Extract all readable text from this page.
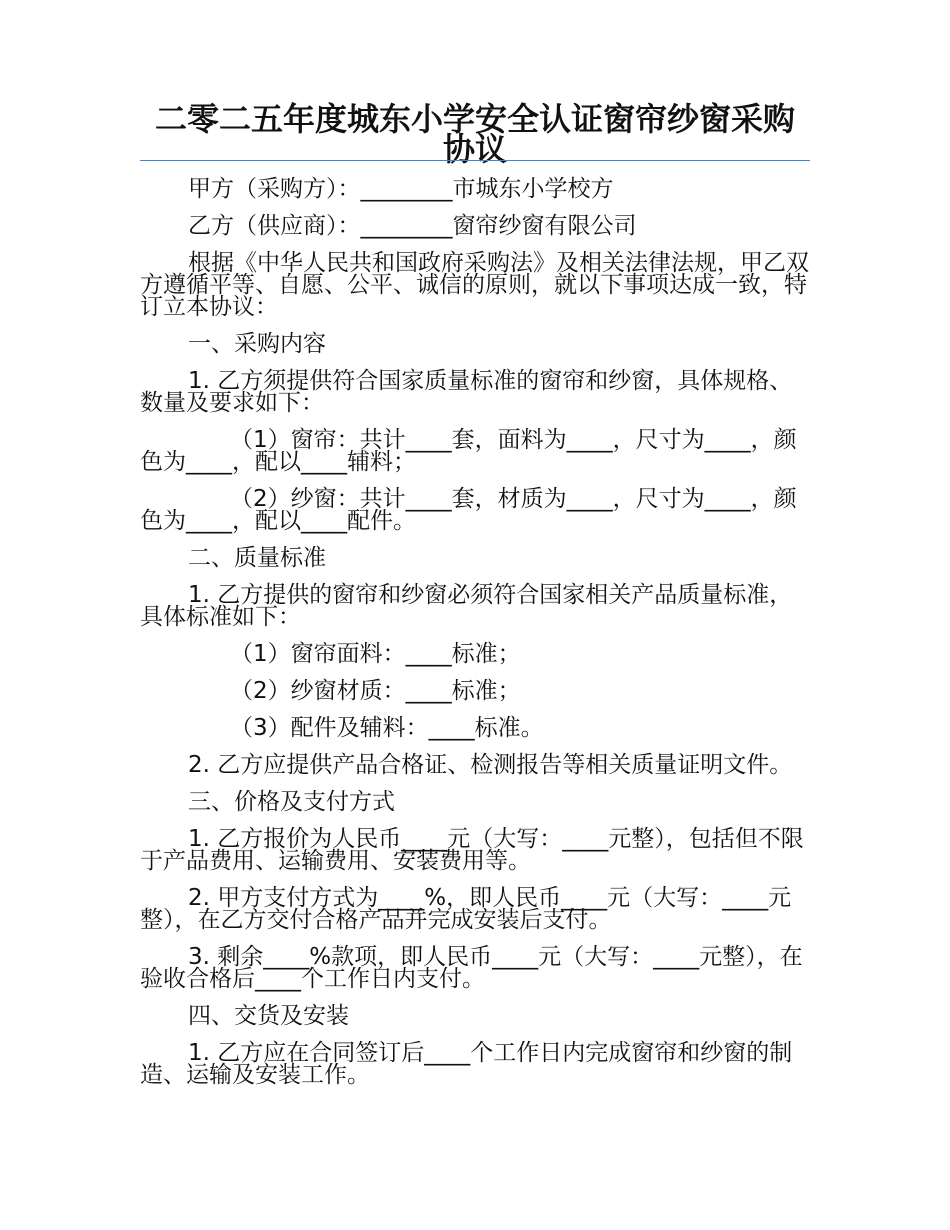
二零二五年度城东小学安全认证窗帘纱窗采购协议

甲方（采购方）：________市城东小学校方

乙方（供应商）：________窗帘纱窗有限公司

根据《中华人民共和国政府采购法》及相关法律法规，甲乙双方遵循平等、自愿、公平、诚信的原则，就以下事项达成一致，特订立本协议：

一、采购内容

1. 乙方须提供符合国家质量标准的窗帘和纱窗，具体规格、数量及要求如下：

（1）窗帘：共计____套，面料为____，尺寸为____，颜色为____，配以____辅料；

（2）纱窗：共计____套，材质为____，尺寸为____，颜色为____，配以____配件。

二、质量标准

1. 乙方提供的窗帘和纱窗必须符合国家相关产品质量标准，具体标准如下：

（1）窗帘面料：____标准；

（2）纱窗材质：____标准；

（3）配件及辅料：____标准。

2. 乙方应提供产品合格证、检测报告等相关质量证明文件。

三、价格及支付方式

1. 乙方报价为人民币____元（大写：____元整），包括但不限于产品费用、运输费用、安装费用等。

2. 甲方支付方式为____%，即人民币____元（大写：____元整），在乙方交付合格产品并完成安装后支付。

3. 剩余____%款项，即人民币____元（大写：____元整），在验收合格后____个工作日内支付。

四、交货及安装

1. 乙方应在合同签订后____个工作日内完成窗帘和纱窗的制造、运输及安装工作。
